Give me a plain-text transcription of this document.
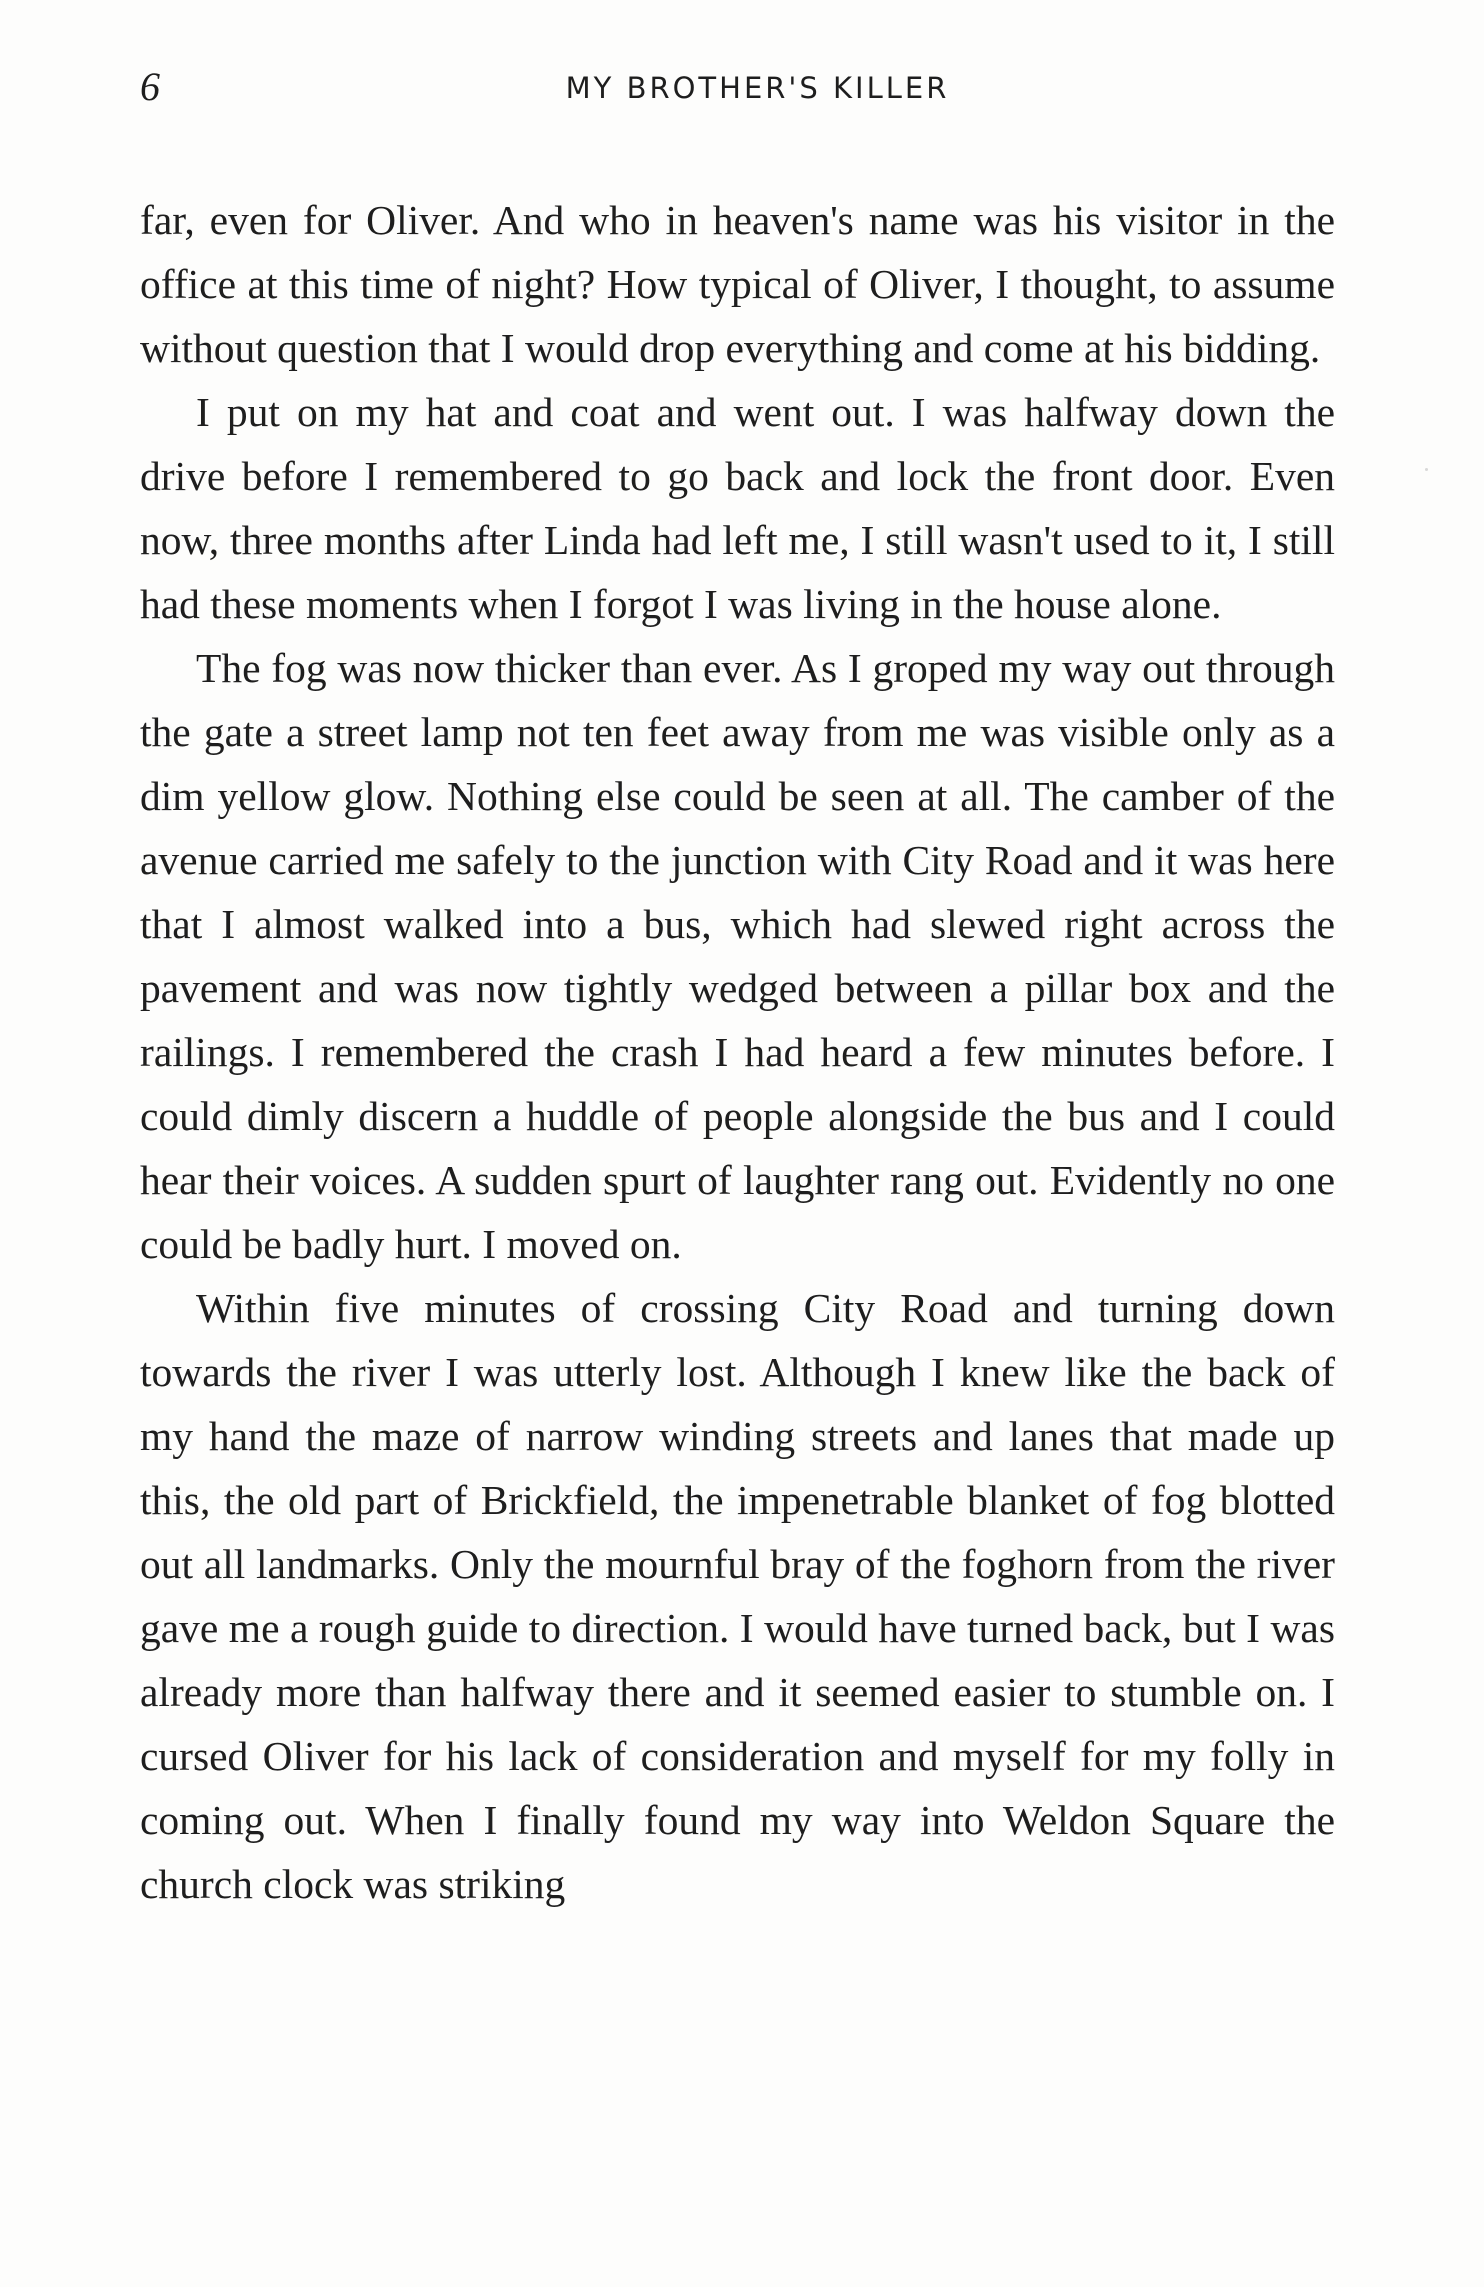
6	MY BROTHER'S KILLER

far, even for Oliver. And who in heaven's name was his visitor in the office at this time of night? How typical of Oliver, I thought, to assume without question that I would drop everything and come at his bidding.

I put on my hat and coat and went out. I was halfway down the drive before I remembered to go back and lock the front door. Even now, three months after Linda had left me, I still wasn't used to it, I still had these moments when I forgot I was living in the house alone.

The fog was now thicker than ever. As I groped my way out through the gate a street lamp not ten feet away from me was visible only as a dim yellow glow. Nothing else could be seen at all. The camber of the avenue carried me safely to the junction with City Road and it was here that I almost walked into a bus, which had slewed right across the pavement and was now tightly wedged between a pillar box and the railings. I remembered the crash I had heard a few minutes before. I could dimly discern a huddle of people alongside the bus and I could hear their voices. A sudden spurt of laughter rang out. Evidently no one could be badly hurt. I moved on.

Within five minutes of crossing City Road and turning down towards the river I was utterly lost. Although I knew like the back of my hand the maze of narrow winding streets and lanes that made up this, the old part of Brickfield, the impenetrable blanket of fog blotted out all landmarks. Only the mournful bray of the foghorn from the river gave me a rough guide to direction. I would have turned back, but I was already more than halfway there and it seemed easier to stumble on. I cursed Oliver for his lack of consideration and myself for my folly in coming out. When I finally found my way into Weldon Square the church clock was striking
